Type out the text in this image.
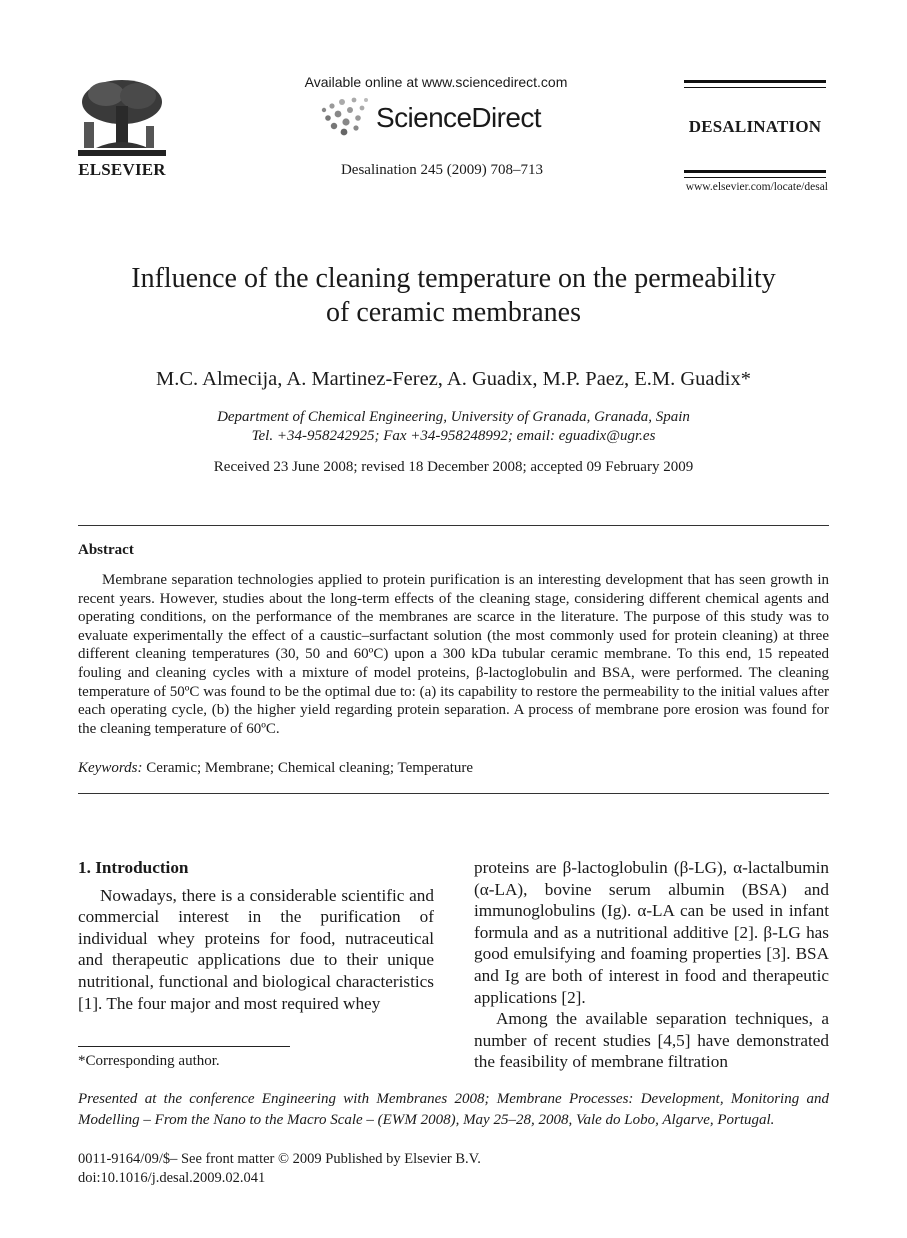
ELSEVIER
Available online at www.sciencedirect.com
ScienceDirect
Desalination 245 (2009) 708–713
DESALINATION
www.elsevier.com/locate/desal
Influence of the cleaning temperature on the permeability
of ceramic membranes
M.C. Almecija, A. Martinez-Ferez, A. Guadix, M.P. Paez, E.M. Guadix*
Department of Chemical Engineering, University of Granada, Granada, Spain
Tel. +34-958242925; Fax +34-958248992; email: eguadix@ugr.es
Received 23 June 2008; revised 18 December 2008; accepted 09 February 2009
Abstract
Membrane separation technologies applied to protein purification is an interesting development that has seen growth in recent years. However, studies about the long-term effects of the cleaning stage, considering different chemical agents and operating conditions, on the performance of the membranes are scarce in the literature. The purpose of this study was to evaluate experimentally the effect of a caustic–surfactant solution (the most commonly used for protein cleaning) at three different cleaning temperatures (30, 50 and 60ºC) upon a 300 kDa tubular ceramic membrane. To this end, 15 repeated fouling and cleaning cycles with a mixture of model proteins, β-lactoglobulin and BSA, were performed. The cleaning temperature of 50ºC was found to be the optimal due to: (a) its capability to restore the permeability to the initial values after each operating cycle, (b) the higher yield regarding protein separation. A process of membrane pore erosion was found for the cleaning temperature of 60ºC.
Keywords: Ceramic; Membrane; Chemical cleaning; Temperature
1. Introduction

Nowadays, there is a considerable scientific and commercial interest in the purification of individual whey proteins for food, nutraceutical and therapeutic applications due to their unique nutritional, functional and biological characteristics [1]. The four major and most required whey

proteins are β-lactoglobulin (β-LG), α-lactalbumin (α-LA), bovine serum albumin (BSA) and immunoglobulins (Ig). α-LA can be used in infant formula and as a nutritional additive [2]. β-LG has good emulsifying and foaming properties [3]. BSA and Ig are both of interest in food and therapeutic applications [2].

Among the available separation techniques, a number of recent studies [4,5] have demonstrated the feasibility of membrane filtration

*Corresponding author.
Presented at the conference Engineering with Membranes 2008; Membrane Processes: Development, Monitoring and Modelling – From the Nano to the Macro Scale – (EWM 2008), May 25–28, 2008, Vale do Lobo, Algarve, Portugal.
0011-9164/09/$– See front matter © 2009 Published by Elsevier B.V.
doi:10.1016/j.desal.2009.02.041
